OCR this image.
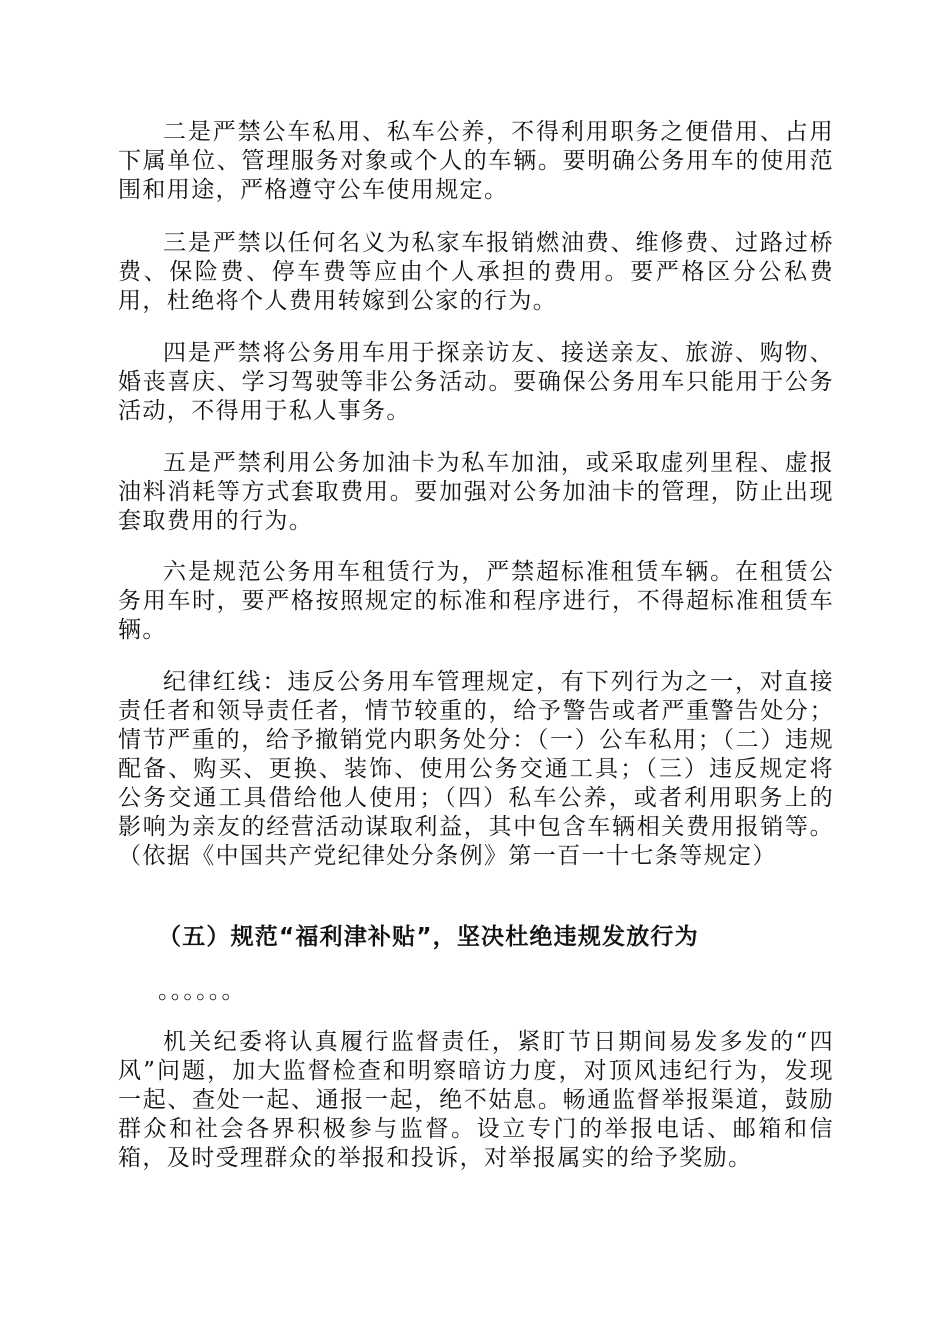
二是严禁公车私用、私车公养，不得利用职务之便借用、占用下属单位、管理服务对象或个人的车辆。要明确公务用车的使用范围和用途，严格遵守公车使用规定。

三是严禁以任何名义为私家车报销燃油费、维修费、过路过桥费、保险费、停车费等应由个人承担的费用。要严格区分公私费用，杜绝将个人费用转嫁到公家的行为。

四是严禁将公务用车用于探亲访友、接送亲友、旅游、购物、婚丧喜庆、学习驾驶等非公务活动。要确保公务用车只能用于公务活动，不得用于私人事务。

五是严禁利用公务加油卡为私车加油，或采取虚列里程、虚报油料消耗等方式套取费用。要加强对公务加油卡的管理，防止出现套取费用的行为。

六是规范公务用车租赁行为，严禁超标准租赁车辆。在租赁公务用车时，要严格按照规定的标准和程序进行，不得超标准租赁车辆。

纪律红线：违反公务用车管理规定，有下列行为之一，对直接责任者和领导责任者，情节较重的，给予警告或者严重警告处分；情节严重的，给予撤销党内职务处分：（一）公车私用；（二）违规配备、购买、更换、装饰、使用公务交通工具；（三）违反规定将公务交通工具借给他人使用；（四）私车公养，或者利用职务上的影响为亲友的经营活动谋取利益，其中包含车辆相关费用报销等。（依据《中国共产党纪律处分条例》第一百一十七条等规定）

（五）规范“福利津补贴”，坚决杜绝违规发放行为

。。。。。。

机关纪委将认真履行监督责任，紧盯节日期间易发多发的“四风”问题，加大监督检查和明察暗访力度，对顶风违纪行为，发现一起、查处一起、通报一起，绝不姑息。畅通监督举报渠道，鼓励群众和社会各界积极参与监督。设立专门的举报电话、邮箱和信箱，及时受理群众的举报和投诉，对举报属实的给予奖励。
